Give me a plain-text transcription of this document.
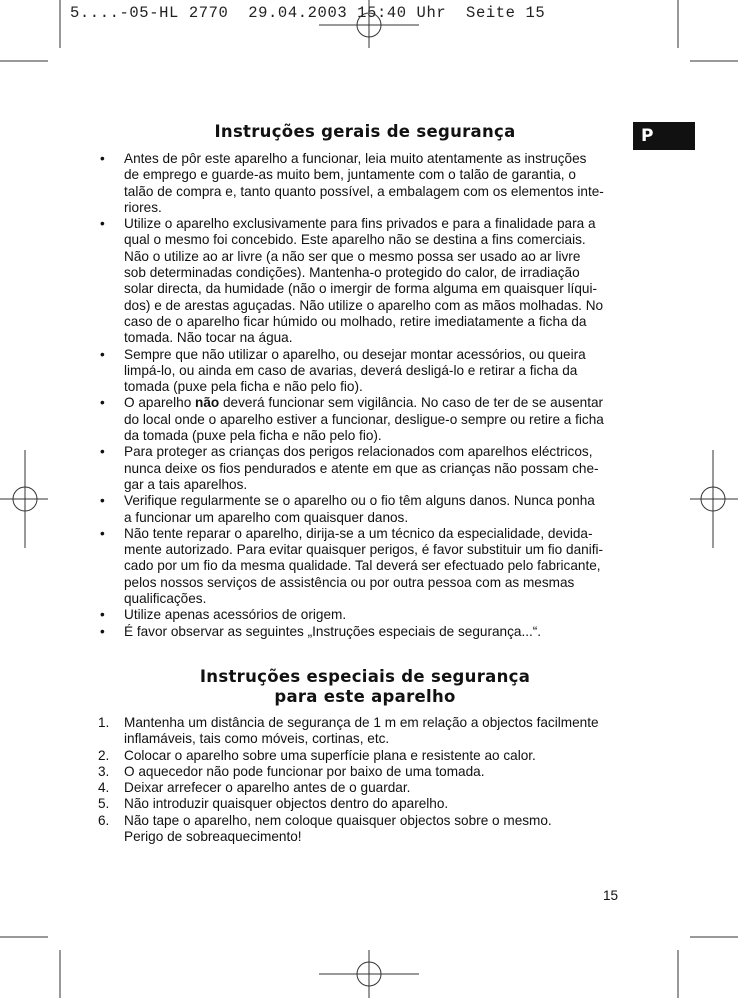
5....-05-HL 2770  29.04.2003 15:40 Uhr  Seite 15
P
Instruções gerais de segurança
• Antes de pôr este aparelho a funcionar, leia muito atentamente as instruções
de emprego e guarde-as muito bem, juntamente com o talão de garantia, o
talão de compra e, tanto quanto possível, a embalagem com os elementos inte-
riores.
• Utilize o aparelho exclusivamente para fins privados e para a finalidade para a
qual o mesmo foi concebido. Este aparelho não se destina a fins comerciais.
Não o utilize ao ar livre (a não ser que o mesmo possa ser usado ao ar livre
sob determinadas condições). Mantenha-o protegido do calor, de irradiação
solar directa, da humidade (não o imergir de forma alguma em quaisquer líqui-
dos) e de arestas aguçadas. Não utilize o aparelho com as mãos molhadas. No
caso de o aparelho ficar húmido ou molhado, retire imediatamente a ficha da
tomada. Não tocar na água.
• Sempre que não utilizar o aparelho, ou desejar montar acessórios, ou queira
limpá-lo, ou ainda em caso de avarias, deverá desligá-lo e retirar a ficha da
tomada (puxe pela ficha e não pelo fio).
• O aparelho não deverá funcionar sem vigilância. No caso de ter de se ausentar
do local onde o aparelho estiver a funcionar, desligue-o sempre ou retire a ficha
da tomada (puxe pela ficha e não pelo fio).
• Para proteger as crianças dos perigos relacionados com aparelhos eléctricos,
nunca deixe os fios pendurados e atente em que as crianças não possam che-
gar a tais aparelhos.
• Verifique regularmente se o aparelho ou o fio têm alguns danos. Nunca ponha
a funcionar um aparelho com quaisquer danos.
• Não tente reparar o aparelho, dirija-se a um técnico da especialidade, devida-
mente autorizado. Para evitar quaisquer perigos, é favor substituir um fio danifi-
cado por um fio da mesma qualidade. Tal deverá ser efectuado pelo fabricante,
pelos nossos serviços de assistência ou por outra pessoa com as mesmas
qualificações.
• Utilize apenas acessórios de origem.
• É favor observar as seguintes „Instruções especiais de segurança...“.
Instruções especiais de segurança
para este aparelho
1. Mantenha um distância de segurança de 1 m em relação a objectos facilmente
inflamáveis, tais como móveis, cortinas, etc.
2. Colocar o aparelho sobre uma superfície plana e resistente ao calor.
3. O aquecedor não pode funcionar por baixo de uma tomada.
4. Deixar arrefecer o aparelho antes de o guardar.
5. Não introduzir quaisquer objectos dentro do aparelho.
6. Não tape o aparelho, nem coloque quaisquer objectos sobre o mesmo.
Perigo de sobreaquecimento!
15
